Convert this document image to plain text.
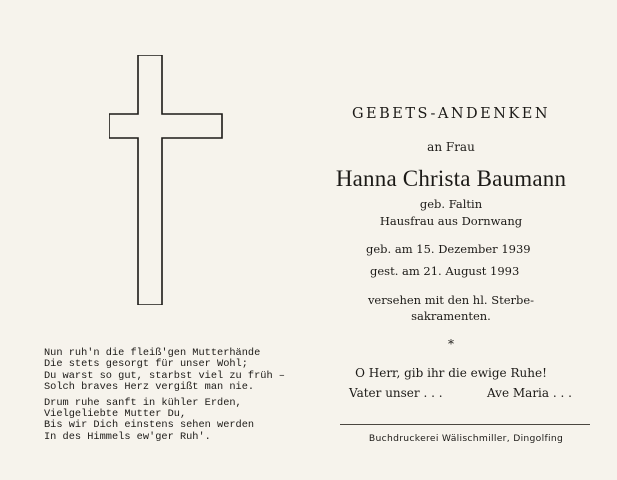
Nun ruh'n die fleiß'gen Mutterhände
Die stets gesorgt für unser Wohl;
Du warst so gut, starbst viel zu früh –
Solch braves Herz vergißt man nie.
Drum ruhe sanft in kühler Erden,
Vielgeliebte Mutter Du,
Bis wir Dich einstens sehen werden
In des Himmels ew'ger Ruh'.
GEBETS-ANDENKEN
an Frau
Hanna Christa Baumann
geb. Faltin
Hausfrau aus Dornwang
geb. am 15. Dezember 1939
gest. am 21. August 1993
versehen mit den hl. Sterbe-
sakramenten.
*
O Herr, gib ihr die ewige Ruhe!
Vater unser . . .	Ave Maria . . .
Buchdruckerei Wälischmiller, Dingolfing
